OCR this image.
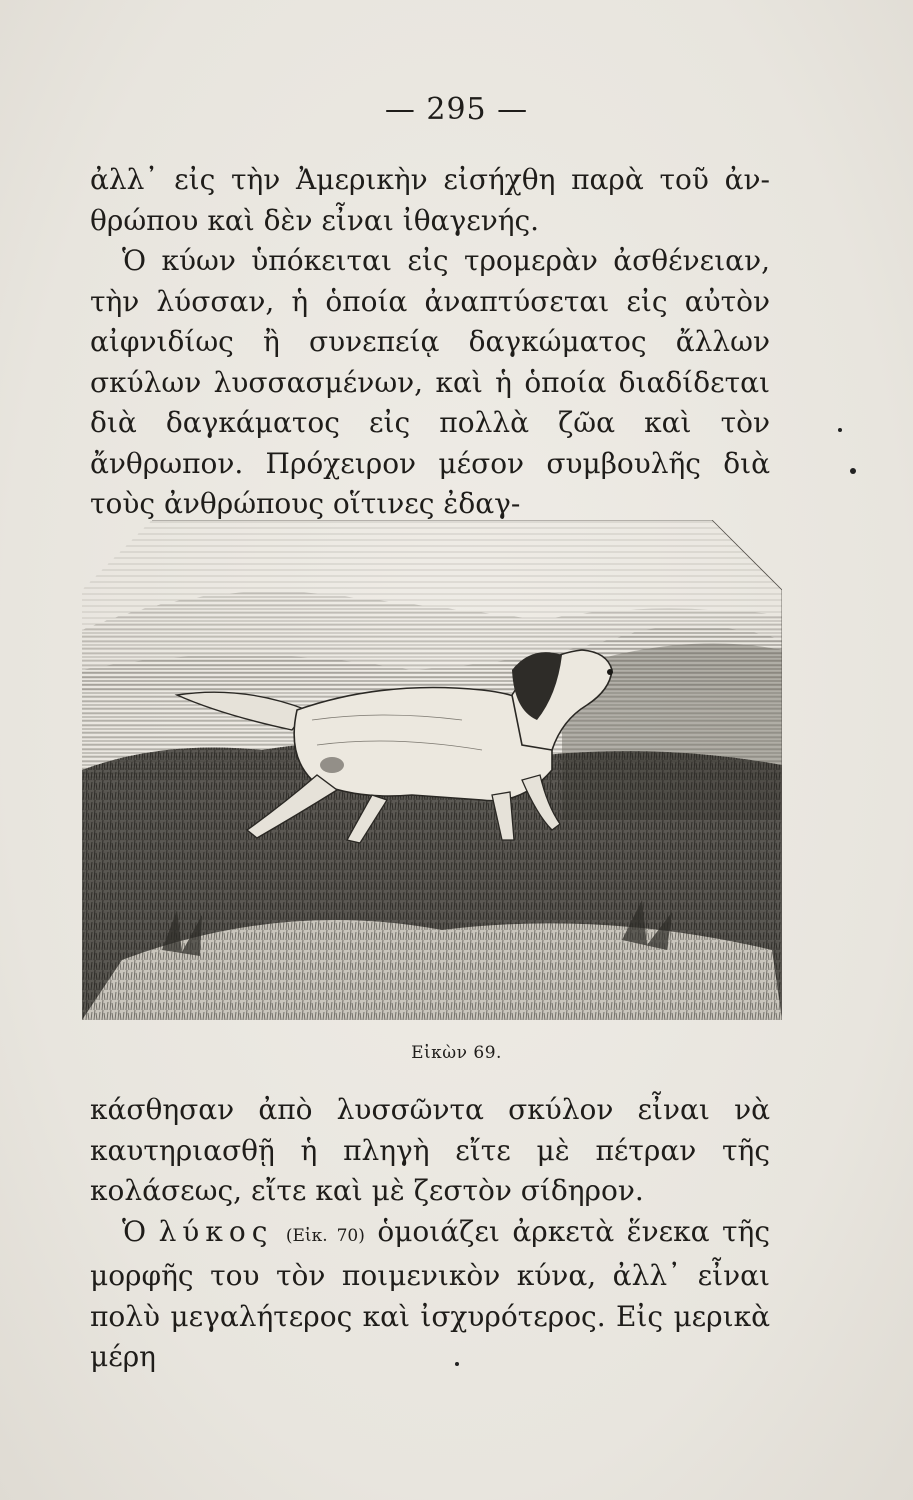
— 295 —

ἀλλ᾽ εἰς τὴν Ἀμερικὴν εἰσήχθη παρὰ τοῦ ἀν-θρώπου καὶ δὲν εἶναι ἰθαγενής.

Ὁ κύων ὑπόκειται εἰς τρομερὰν ἀσθένειαν, τὴν λύσσαν, ἡ ὁποία ἀναπτύσεται εἰς αὐτὸν αἰφνιδίως ἢ συνεπείᾳ δαγκώματος ἄλλων σκύλων λυσσασμένων, καὶ ἡ ὁποία διαδίδεται διὰ δαγκάματος εἰς πολλὰ ζῶα καὶ τὸν ἄνθρωπον. Πρόχειρον μέσον συμβουλῆς διὰ τοὺς ἀνθρώπους οἵτινες ἐδαγ-

Εἰκὼν 69.

κάσθησαν ἀπὸ λυσσῶντα σκύλον εἶναι νὰ καυτηριασθῇ ἡ πληγὴ εἴτε μὲ πέτραν τῆς κολάσεως, εἴτε καὶ μὲ ζεστὸν σίδηρον.

Ὁ λύκος (Εἰκ. 70) ὁμοιάζει ἀρκετὰ ἕνεκα τῆς μορφῆς του τὸν ποιμενικὸν κύνα, ἀλλ᾽ εἶναι πολὺ μεγαλήτερος καὶ ἰσχυρότερος. Εἰς μερικὰ μέρη
